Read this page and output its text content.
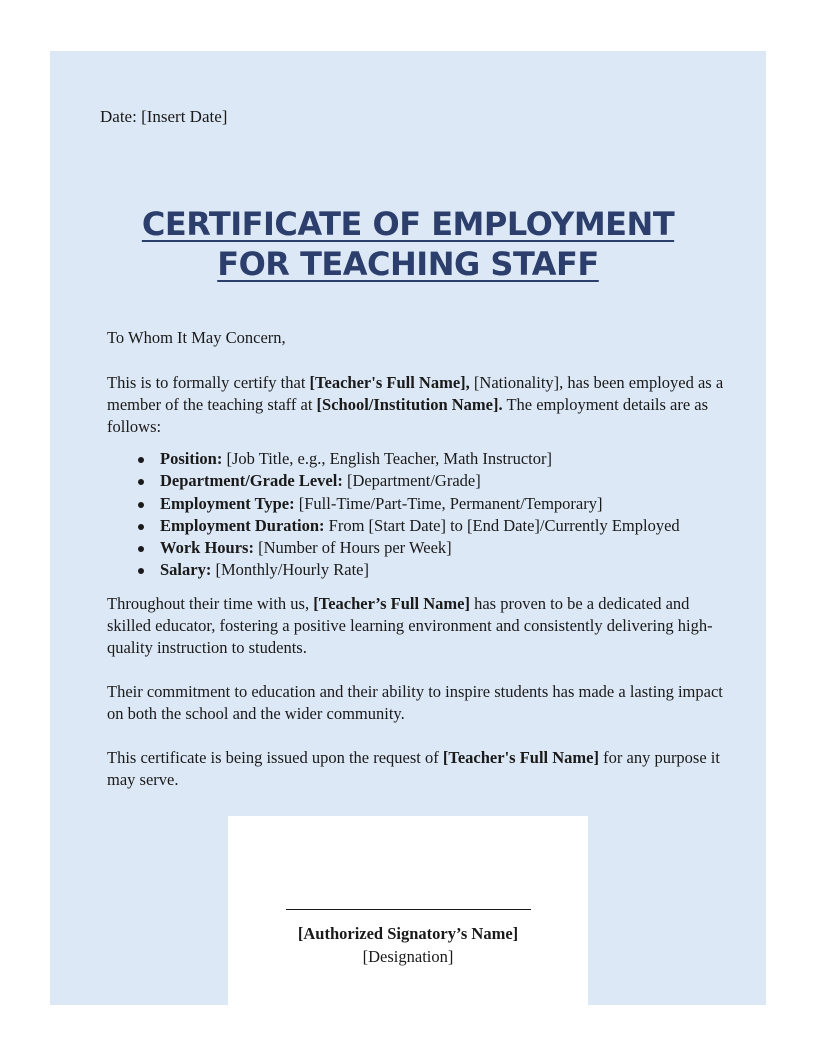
Date: [Insert Date]
CERTIFICATE OF EMPLOYMENT
FOR TEACHING STAFF
To Whom It May Concern,
This is to formally certify that [Teacher's Full Name], [Nationality], has been employed as a member of the teaching staff at [School/Institution Name]. The employment details are as follows:
Position: [Job Title, e.g., English Teacher, Math Instructor]
Department/Grade Level: [Department/Grade]
Employment Type: [Full-Time/Part-Time, Permanent/Temporary]
Employment Duration: From [Start Date] to [End Date]/Currently Employed
Work Hours: [Number of Hours per Week]
Salary: [Monthly/Hourly Rate]
Throughout their time with us, [Teacher’s Full Name] has proven to be a dedicated and skilled educator, fostering a positive learning environment and consistently delivering high-quality instruction to students.
Their commitment to education and their ability to inspire students has made a lasting impact on both the school and the wider community.
This certificate is being issued upon the request of [Teacher's Full Name] for any purpose it may serve.
[Authorized Signatory’s Name]
[Designation]
